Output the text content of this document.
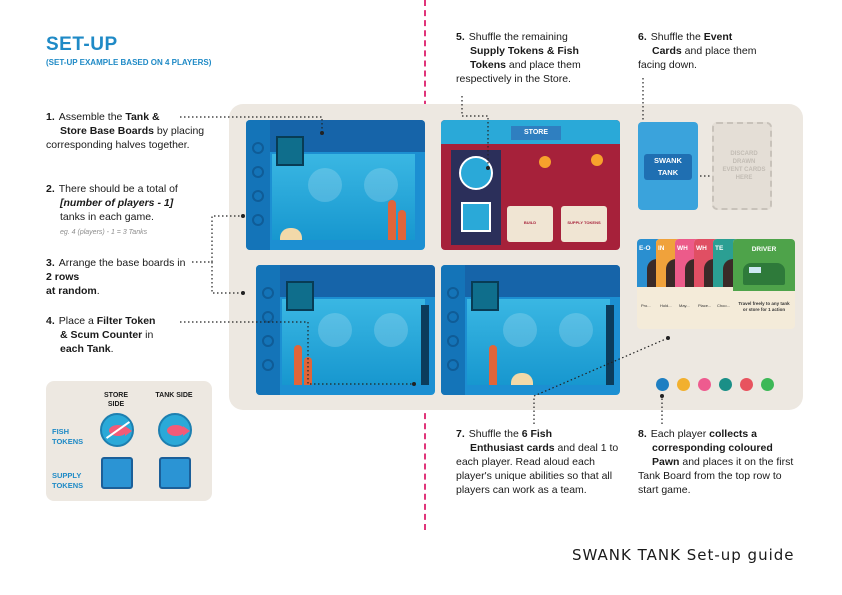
SET-UP
(SET-UP EXAMPLE BASED ON 4 PLAYERS)
1. Assemble the Tank &
Store Base Boards by placing corresponding halves together.
2. There should be a total of
[number of players - 1]
tanks in each game.
eg. 4 (players) - 1 = 3 Tanks
3. Arrange the base boards in 2 rows
at random.
4. Place a Filter Token
& Scum Counter in
each Tank.
5. Shuffle the remaining
Supply Tokens & Fish
Tokens and place them respectively in the Store.
6. Shuffle the Event
Cards and place them facing down.
7. Shuffle the 6 Fish
Enthusiast cards and deal 1 to each player. Read aloud each player's unique abilities so that all players can work as a team.
8. Each player collects a
corresponding coloured
Pawn and places it on the first Tank Board from the top row to start game.
STORE
BUILD	SUPPLY TOKENS
SWANK
TANK
DISCARD DRAWN EVENT CARDS HERE
E-O
Pro...
IN
Hold...
WH
May...
WH
Place...
TE
Choo...
DRIVER
Travel freely to any tank or store for 1 action
STORE SIDE
TANK SIDE
FISH TOKENS
SUPPLY TOKENS
SWANK TANK Set-up guide
